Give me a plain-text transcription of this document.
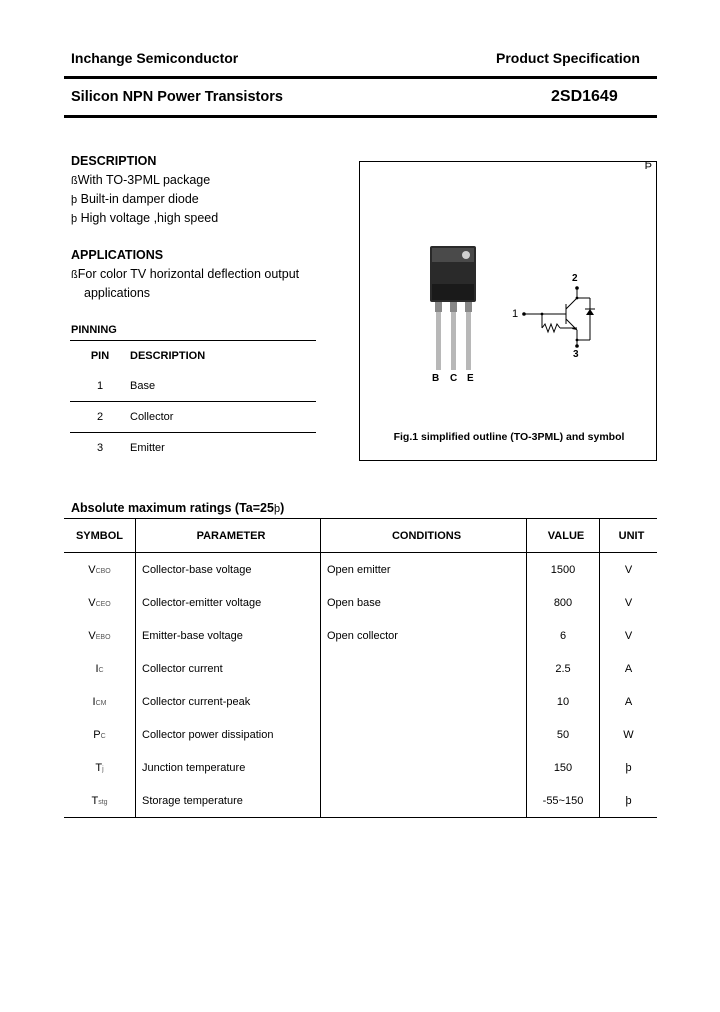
Inchange Semiconductor	Product Specification
Silicon NPN Power Transistors	2SD1649
DESCRIPTION
ßWith TO-3PML package
þ Built-in damper diode
þ High voltage ,high speed
APPLICATIONS
ßFor color TV horizontal deflection output
applications
PINNING
PIN	DESCRIPTION
1	Base
2	Collector
3	Emitter
Þ
B C E
1
2
3
Fig.1 simplified outline (TO-3PML) and symbol
Absolute maximum ratings (Ta=25þ)
SYMBOL	PARAMETER	CONDITIONS	VALUE	UNIT
VCBO	Collector-base voltage	Open emitter	1500	V
VCEO	Collector-emitter voltage	Open base	800	V
VEBO	Emitter-base voltage	Open collector	6	V
IC	Collector current		2.5	A
ICM	Collector current-peak		10	A
PC	Collector power dissipation		50	W
Tj	Junction temperature		150	þ
Tstg	Storage temperature		-55~150	þ
